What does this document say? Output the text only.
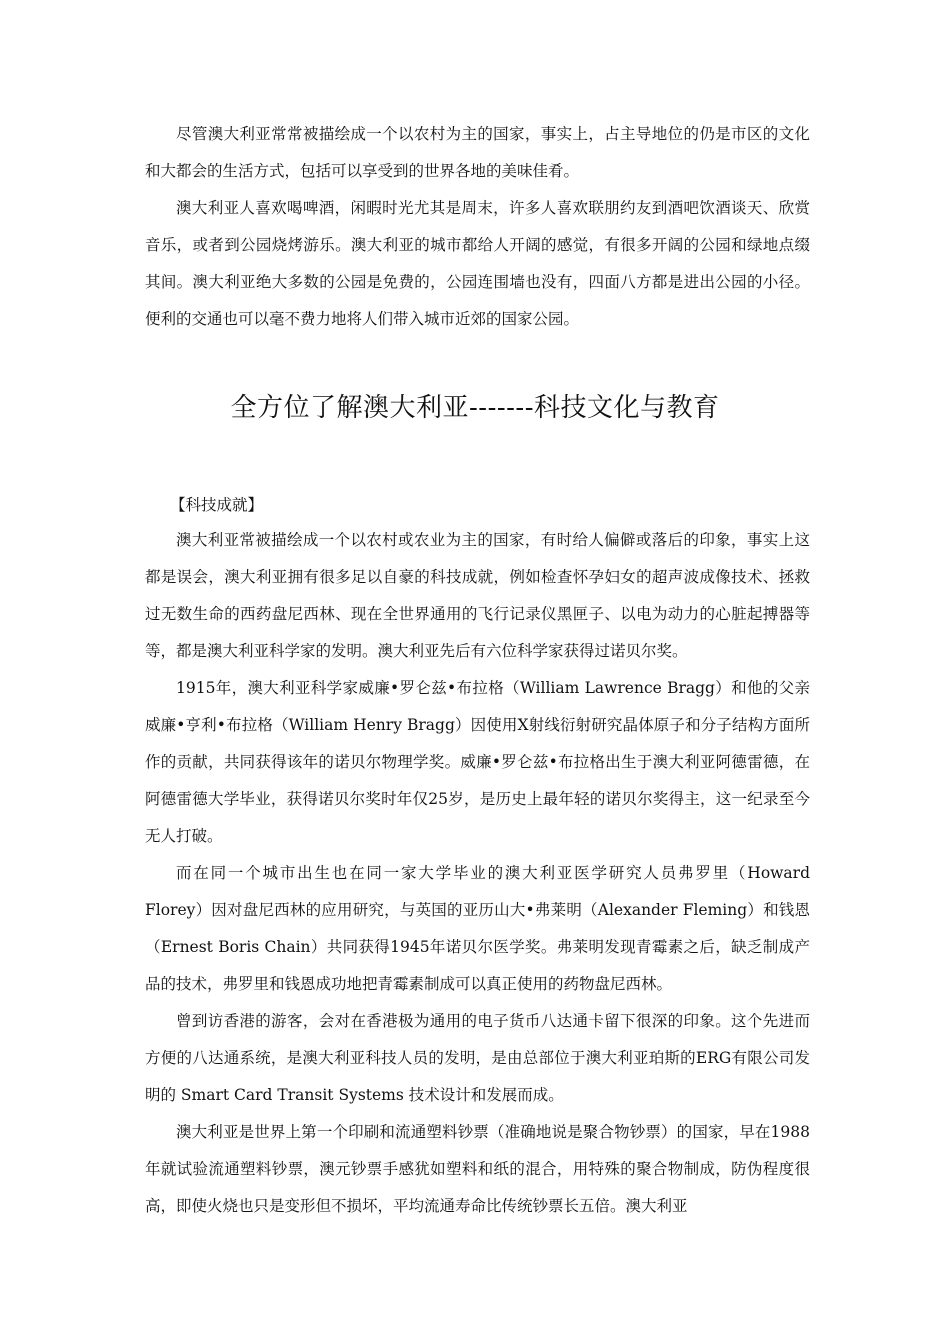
尽管澳大利亚常常被描绘成一个以农村为主的国家，事实上，占主导地位的仍是市区的文化和大都会的生活方式，包括可以享受到的世界各地的美味佳肴。

澳大利亚人喜欢喝啤酒，闲暇时光尤其是周末，许多人喜欢联朋约友到酒吧饮酒谈天、欣赏音乐，或者到公园烧烤游乐。澳大利亚的城市都给人开阔的感觉，有很多开阔的公园和绿地点缀其间。澳大利亚绝大多数的公园是免费的，公园连围墙也没有，四面八方都是进出公园的小径。便利的交通也可以毫不费力地将人们带入城市近郊的国家公园。

全方位了解澳大利亚-------科技文化与教育

【科技成就】

澳大利亚常被描绘成一个以农村或农业为主的国家，有时给人偏僻或落后的印象，事实上这都是误会，澳大利亚拥有很多足以自豪的科技成就，例如检查怀孕妇女的超声波成像技术、拯救过无数生命的西药盘尼西林、现在全世界通用的飞行记录仪黑匣子、以电为动力的心脏起搏器等等，都是澳大利亚科学家的发明。澳大利亚先后有六位科学家获得过诺贝尔奖。

1915年，澳大利亚科学家威廉•罗仑兹•布拉格（William Lawrence Bragg）和他的父亲威廉•亨利•布拉格（William Henry Bragg）因使用X射线衍射研究晶体原子和分子结构方面所作的贡献，共同获得该年的诺贝尔物理学奖。威廉•罗仑兹•布拉格出生于澳大利亚阿德雷德，在阿德雷德大学毕业，获得诺贝尔奖时年仅25岁，是历史上最年轻的诺贝尔奖得主，这一纪录至今无人打破。

而在同一个城市出生也在同一家大学毕业的澳大利亚医学研究人员弗罗里（Howard Florey）因对盘尼西林的应用研究，与英国的亚历山大•弗莱明（Alexander Fleming）和钱恩（Ernest Boris Chain）共同获得1945年诺贝尔医学奖。弗莱明发现青霉素之后，缺乏制成产品的技术，弗罗里和钱恩成功地把青霉素制成可以真正使用的药物盘尼西林。

曾到访香港的游客，会对在香港极为通用的电子货币八达通卡留下很深的印象。这个先进而方便的八达通系统，是澳大利亚科技人员的发明，是由总部位于澳大利亚珀斯的ERG有限公司发明的 Smart Card Transit Systems 技术设计和发展而成。

澳大利亚是世界上第一个印刷和流通塑料钞票（准确地说是聚合物钞票）的国家，早在1988年就试验流通塑料钞票，澳元钞票手感犹如塑料和纸的混合，用特殊的聚合物制成，防伪程度很高，即使火烧也只是变形但不损坏，平均流通寿命比传统钞票长五倍。澳大利亚
